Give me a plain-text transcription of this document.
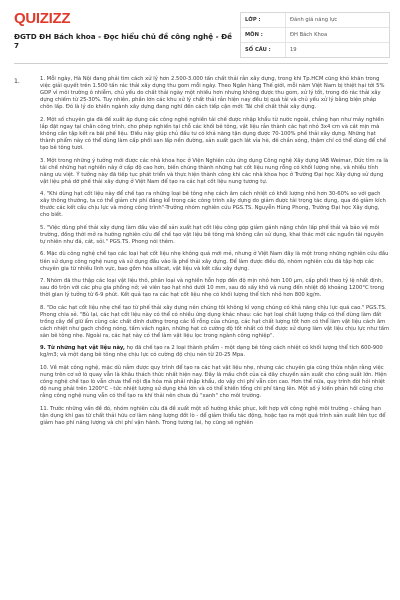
QUIZIZZ
ĐGTD ĐH Bách khoa - Đọc hiểu chủ đề công nghệ - Đề 7
LỚP :	Đánh giá năng lực
MÔN :	ĐH Bách Khoa
SỐ CÂU :	19
1.	1. Mỗi ngày, Hà Nội đang phải tìm cách xử lý hơn 2.500-3.000 tấn chất thải rắn xây dựng, trong khi Tp.HCM cũng khó khăn trong việc giải quyết trên 1.500 tấn rác thải xây dựng thu gom mỗi ngày. Theo Ngân hàng Thế giới, mỗi năm Việt Nam bị thiệt hại tới 5% GDP vì môi trường ô nhiễm, chủ yếu do chất thải ngày một nhiều hơn nhưng không được thu gom, xử lý tốt, trong đó rác thải xây dựng chiếm từ 25-30%. Tuy nhiên, phần lớn các khu xử lý chất thải rắn hiện nay đều bị quá tải và chủ yếu xử lý bằng biện pháp chôn lấp. Đó là lý do khiến ngành xây dựng đang nghĩ đến cách tiếp cận mới: Tái chế chất thải xây dựng.

2. Một số chuyên gia đã đề xuất áp dụng các công nghệ nghiền tái chế được nhập khẩu từ nước ngoài, chẳng hạn như máy nghiền lắp đặt ngay tại chân công trình, cho phép nghiền tại chỗ các khối bê tông, vật liệu rắn thành các hạt nhỏ 3x4 cm và cát mịn mà không cần tập kết ra bãi phế liệu. Điều này giúp chủ đầu tư có khả năng tận dụng được 70-100% phế thải xây dựng. Những hạt thành phẩm này có thể dùng làm cấp phối san lấp nền đường, sản xuất gạch lát vỉa hè, đê chắn sóng, thậm chí có thể dùng để chế tạo bê tông tươi.

3. Một trong những ý tưởng mới được các nhà khoa học ở Viện Nghiên cứu ứng dụng Công nghệ Xây dựng IAB Weimar, Đức tìm ra là tái chế những hạt nghiền này ở cấp độ cao hơn, biến chúng thành những hạt cốt liệu nung rỗng có khối lượng nhẹ, và nhiều tính năng ưu việt. Ý tưởng này đã tiếp tục phát triển và thực hiện thành công khi các nhà khoa học ở Trường Đại học Xây dựng sử dụng vật liệu phá dỡ phế thải xây dựng ở Việt Nam để tạo ra các hạt cốt liệu nung tương tự.

4. "Khi dùng hạt cốt liệu này để chế tạo ra những loại bê tông nhẹ cách âm cách nhiệt có khối lượng nhỏ hơn 30-60% so với gạch xây thông thường, ta có thể giảm chi phí đáng kể trong các công trình xây dựng do giảm được tải trọng tác dụng, qua đó giảm kích thước các kết cấu chịu lực và móng công trình"-Trưởng nhóm nghiên cứu PGS.TS. Nguyễn Hùng Phong, Trường Đại học Xây dựng, cho biết.

5. "Việc dùng phế thải xây dựng làm đầu vào để sản xuất hạt cốt liệu công góp giảm gánh nặng chôn lấp phế thải và bảo vệ môi trường, đồng thời mở ra hướng nghiên cứu để chế tạo vật liệu bê tông mà không cần sử dụng, khai thác mới các nguồn tài nguyên tự nhiên như đá, cát, sỏi." PGS.TS. Phong nói thêm.

6. Mặc dù công nghệ chế tạo các loại hạt cốt liệu nhẹ không quá mới mẻ, nhưng ở Việt Nam đây là một trong những nghiên cứu đầu tiên sử dụng công nghệ nung và sử dụng đầu vào là phế thải xây dựng. Để làm được điều đó, nhóm nghiên cứu đã tập hợp các chuyên gia từ nhiều lĩnh vực, bao gồm hóa silicat, vật liệu và kết cấu xây dựng.

7. Nhóm đã thu thập các loại vật liệu thô, phân loại và nghiền hỗn hợp đến độ mịn nhỏ hơn 100 µm, cấp phối theo tỷ lệ nhất định, sau đó trộn với các phụ gia phồng nở; vê viên tạo hạt nhỏ dưới 10 mm, sau đó sấy khô và nung đến nhiệt độ khoảng 1200°C trong thời gian lý tưởng từ 6-9 phút. Kết quả tạo ra các hạt cốt liệu nhẹ có khối lượng thể tích nhỏ hơn 800 kg/m.

8. "Do các hạt cốt liệu nhẹ chế tạo từ phế thải xây dựng nên chúng tôi không kì vọng chúng có khả năng chịu lực quá cao." PGS.TS. Phong chia sẻ. "Bù lại, các hạt cốt liệu này có thể có nhiều ứng dụng khác nhau: các hạt loại chất lượng thấp có thể dùng làm đất trồng cây để giữ ẩm cùng các chất dinh dưỡng trong các lỗ rỗng của chúng, các hạt chất lượng tốt hơn có thể làm vật liệu cách âm cách nhiệt như gạch chống nóng, tấm vách ngăn, những hạt có cường độ tốt nhất có thể được sử dụng làm vật liệu chịu lực như tấm sàn bê tông nhẹ. Ngoài ra, các hạt này có thể làm vật liệu lọc trong ngành công nghiệp".

9. Từ những hạt vật liệu này, họ đã chế tạo ra 2 loại thành phẩm - một dạng bê tông cách nhiệt có khối lượng thể tích 600-900 kg/m3; và một dạng bê tông nhẹ chịu lực có cường độ chịu nén từ 20-25 Mpa.

10. Về mặt công nghệ, mặc dù nắm được quy trình để tạo ra các hạt vật liệu nhẹ, nhưng các chuyên gia cũng thừa nhận rằng việc nung trên cơ sở lò quay vẫn là khâu thách thức nhất hiện nay. Đây là mấu chốt của cả dây chuyền sản xuất cho công suất lớn. Hiện công nghệ chế tạo lò vẫn chưa thể nội địa hóa mà phải nhập khẩu, do vậy chi phí vẫn còn cao. Hơn thế nữa, quy trình đòi hỏi nhiệt độ nung phải trên 1200°C - tức nhiệt lượng sử dụng khá lớn và có thể khiến tổng chi phí tăng lên. Một số ý kiến phản hồi cũng cho rằng công nghệ nung vẫn có thể tạo ra khí thải nên chưa đủ "xanh" cho môi trường.

11. Trước những vấn đề đó, nhóm nghiên cứu đã đề xuất một số hướng khắc phục, kết hợp với công nghệ môi trường - chẳng hạn tận dụng khí gas từ chất thải hữu cơ làm năng lượng đốt lò - để giảm thiểu tác động, hoặc tạo ra một quá trình sản xuất liên tục để giảm hao phí năng lượng và chi phí vận hành. Trong tương lai, họ cũng sẽ nghiên
